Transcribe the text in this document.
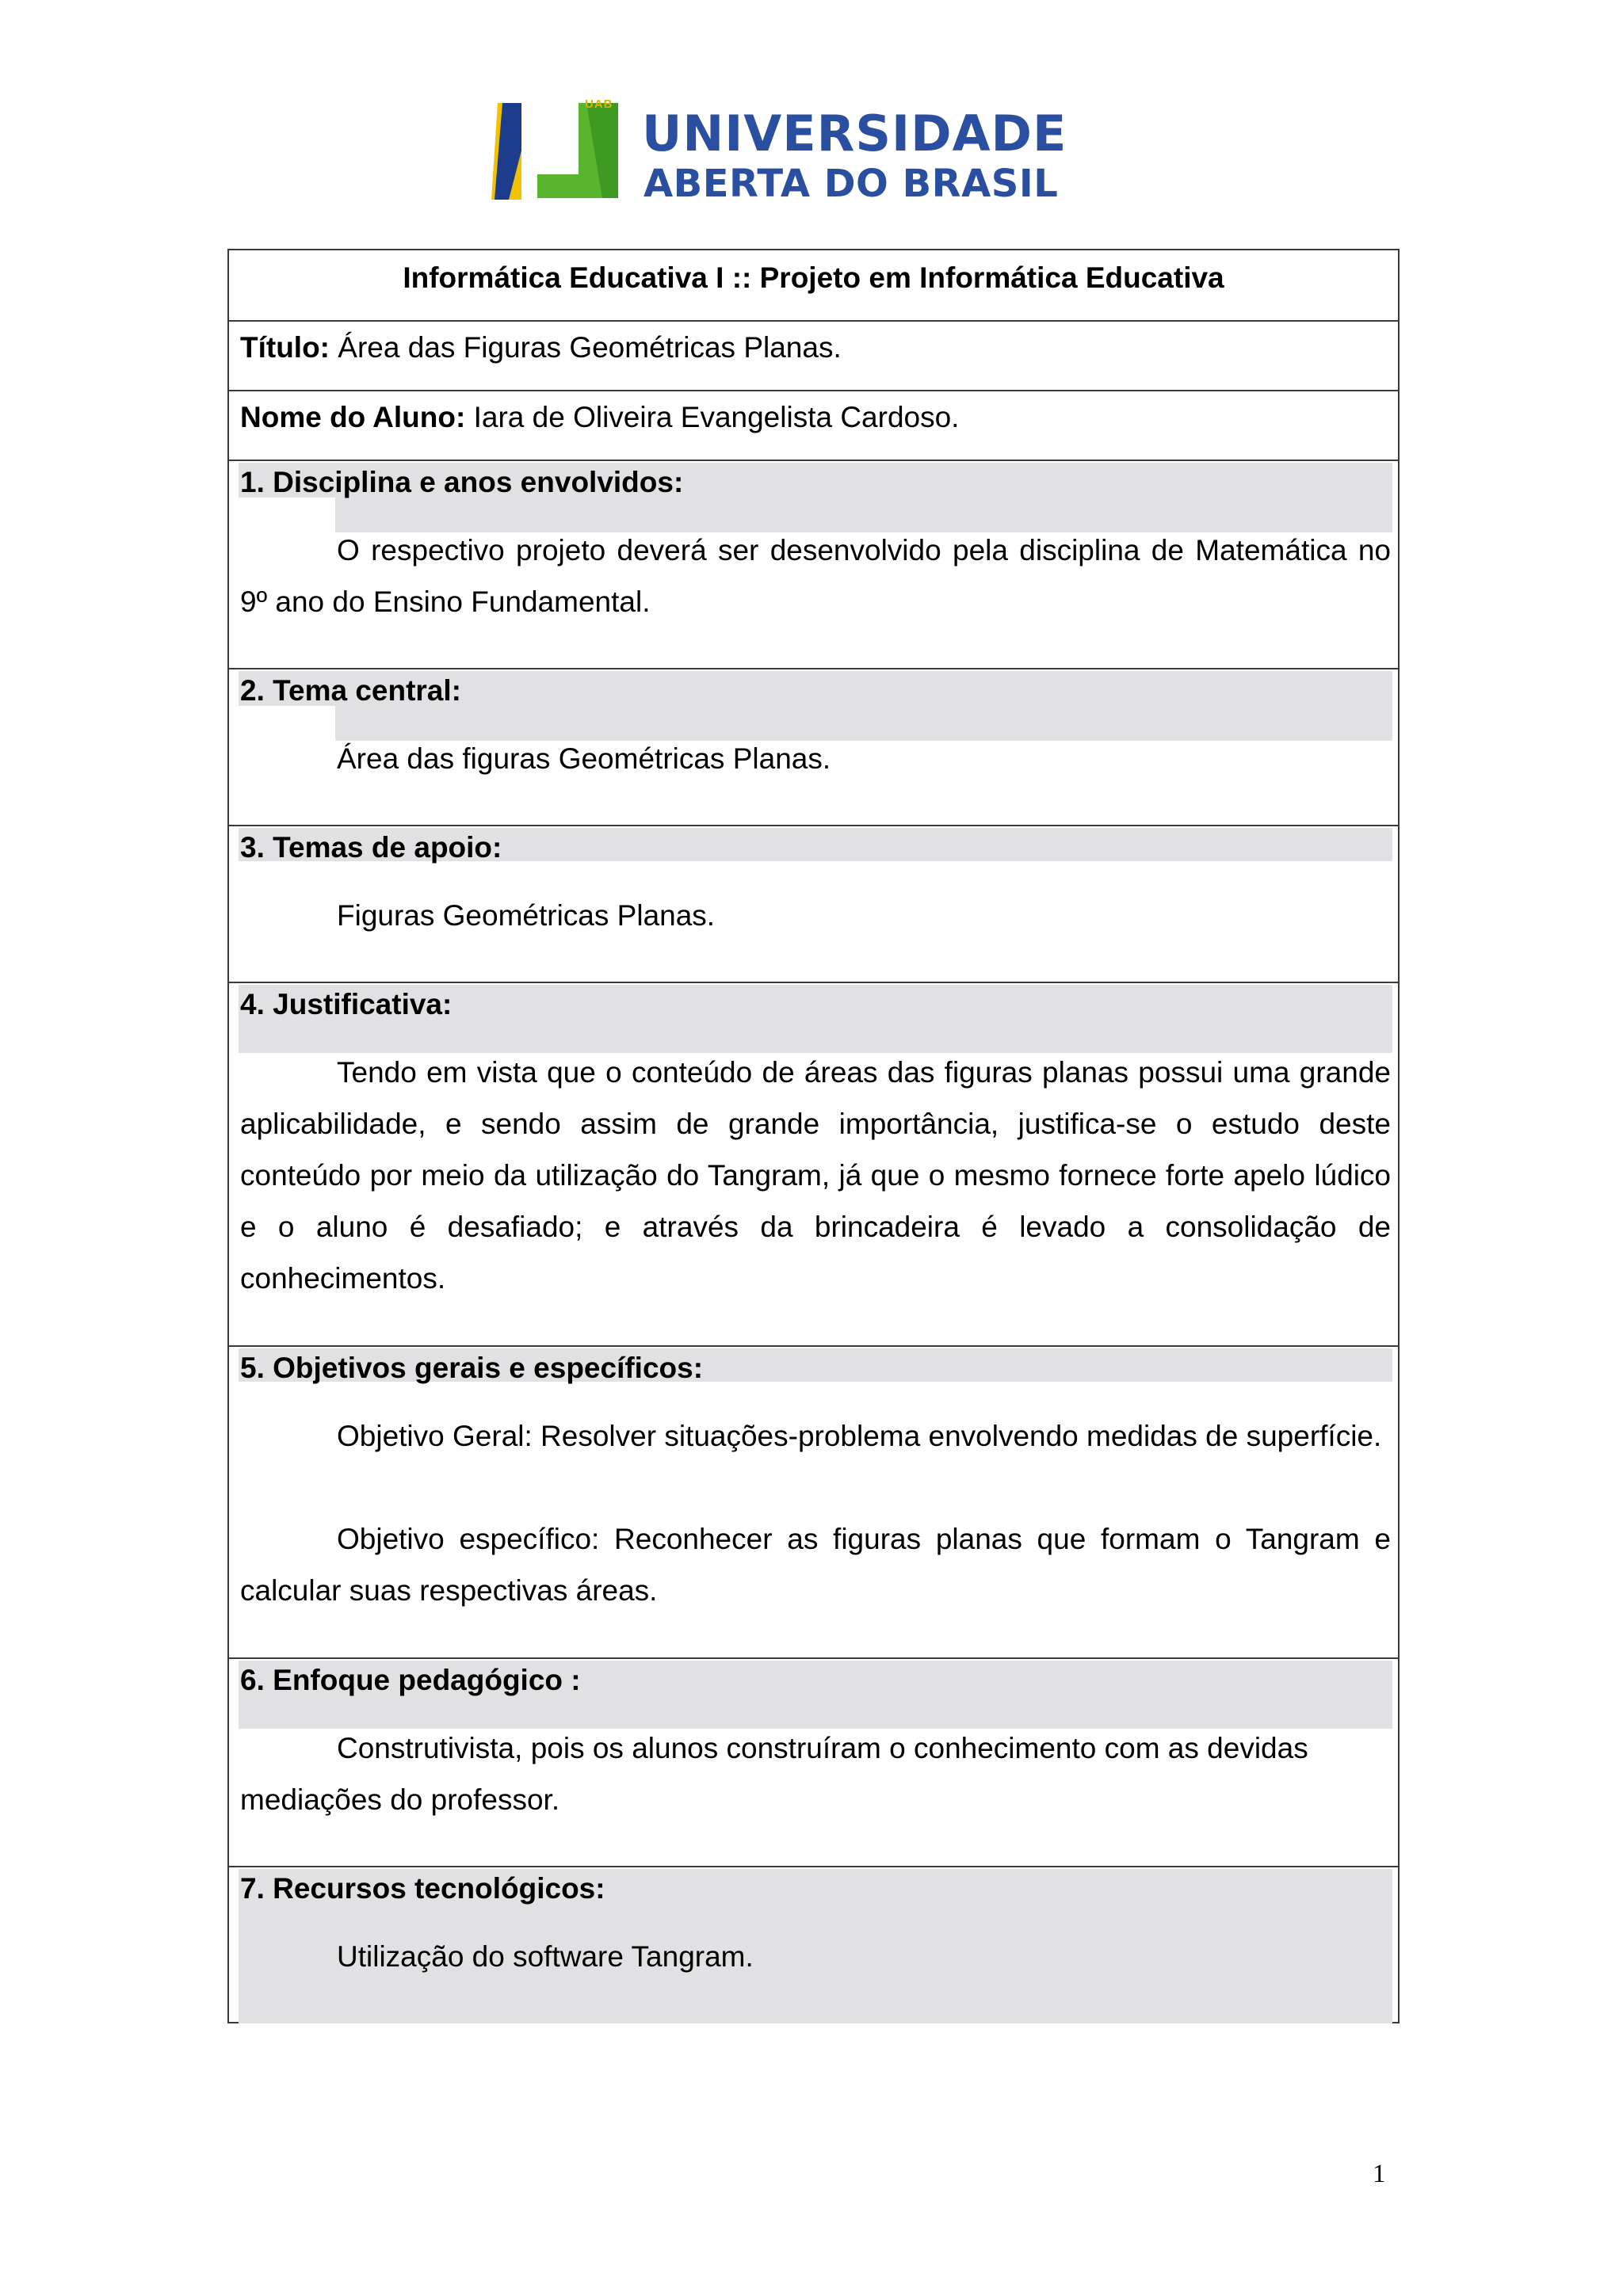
UAB
UNIVERSIDADE
ABERTA DO BRASIL
Informática Educativa I :: Projeto em Informática Educativa
Título: Área das Figuras Geométricas Planas.
Nome do Aluno: Iara de Oliveira Evangelista Cardoso.
1. Disciplina e anos envolvidos:
O respectivo projeto deverá ser desenvolvido pela disciplina de Matemática no 9º ano do Ensino Fundamental.
2. Tema central:
Área das figuras Geométricas Planas.
3. Temas de apoio:
Figuras Geométricas Planas.
4. Justificativa:
Tendo em vista que o conteúdo de áreas das figuras planas possui uma grande aplicabilidade, e sendo assim de grande importância, justifica-se o estudo deste conteúdo por meio da utilização do Tangram, já que o mesmo fornece forte apelo lúdico e o aluno é desafiado; e através da brincadeira é levado a consolidação de conhecimentos.
5. Objetivos gerais e específicos:
Objetivo Geral: Resolver situações-problema envolvendo medidas de superfície.
Objetivo específico: Reconhecer as figuras planas que formam o Tangram e calcular suas respectivas áreas.
6. Enfoque pedagógico :
Construtivista, pois os alunos construíram o conhecimento com as devidas mediações do professor.
7. Recursos tecnológicos:
Utilização do software Tangram.
1
